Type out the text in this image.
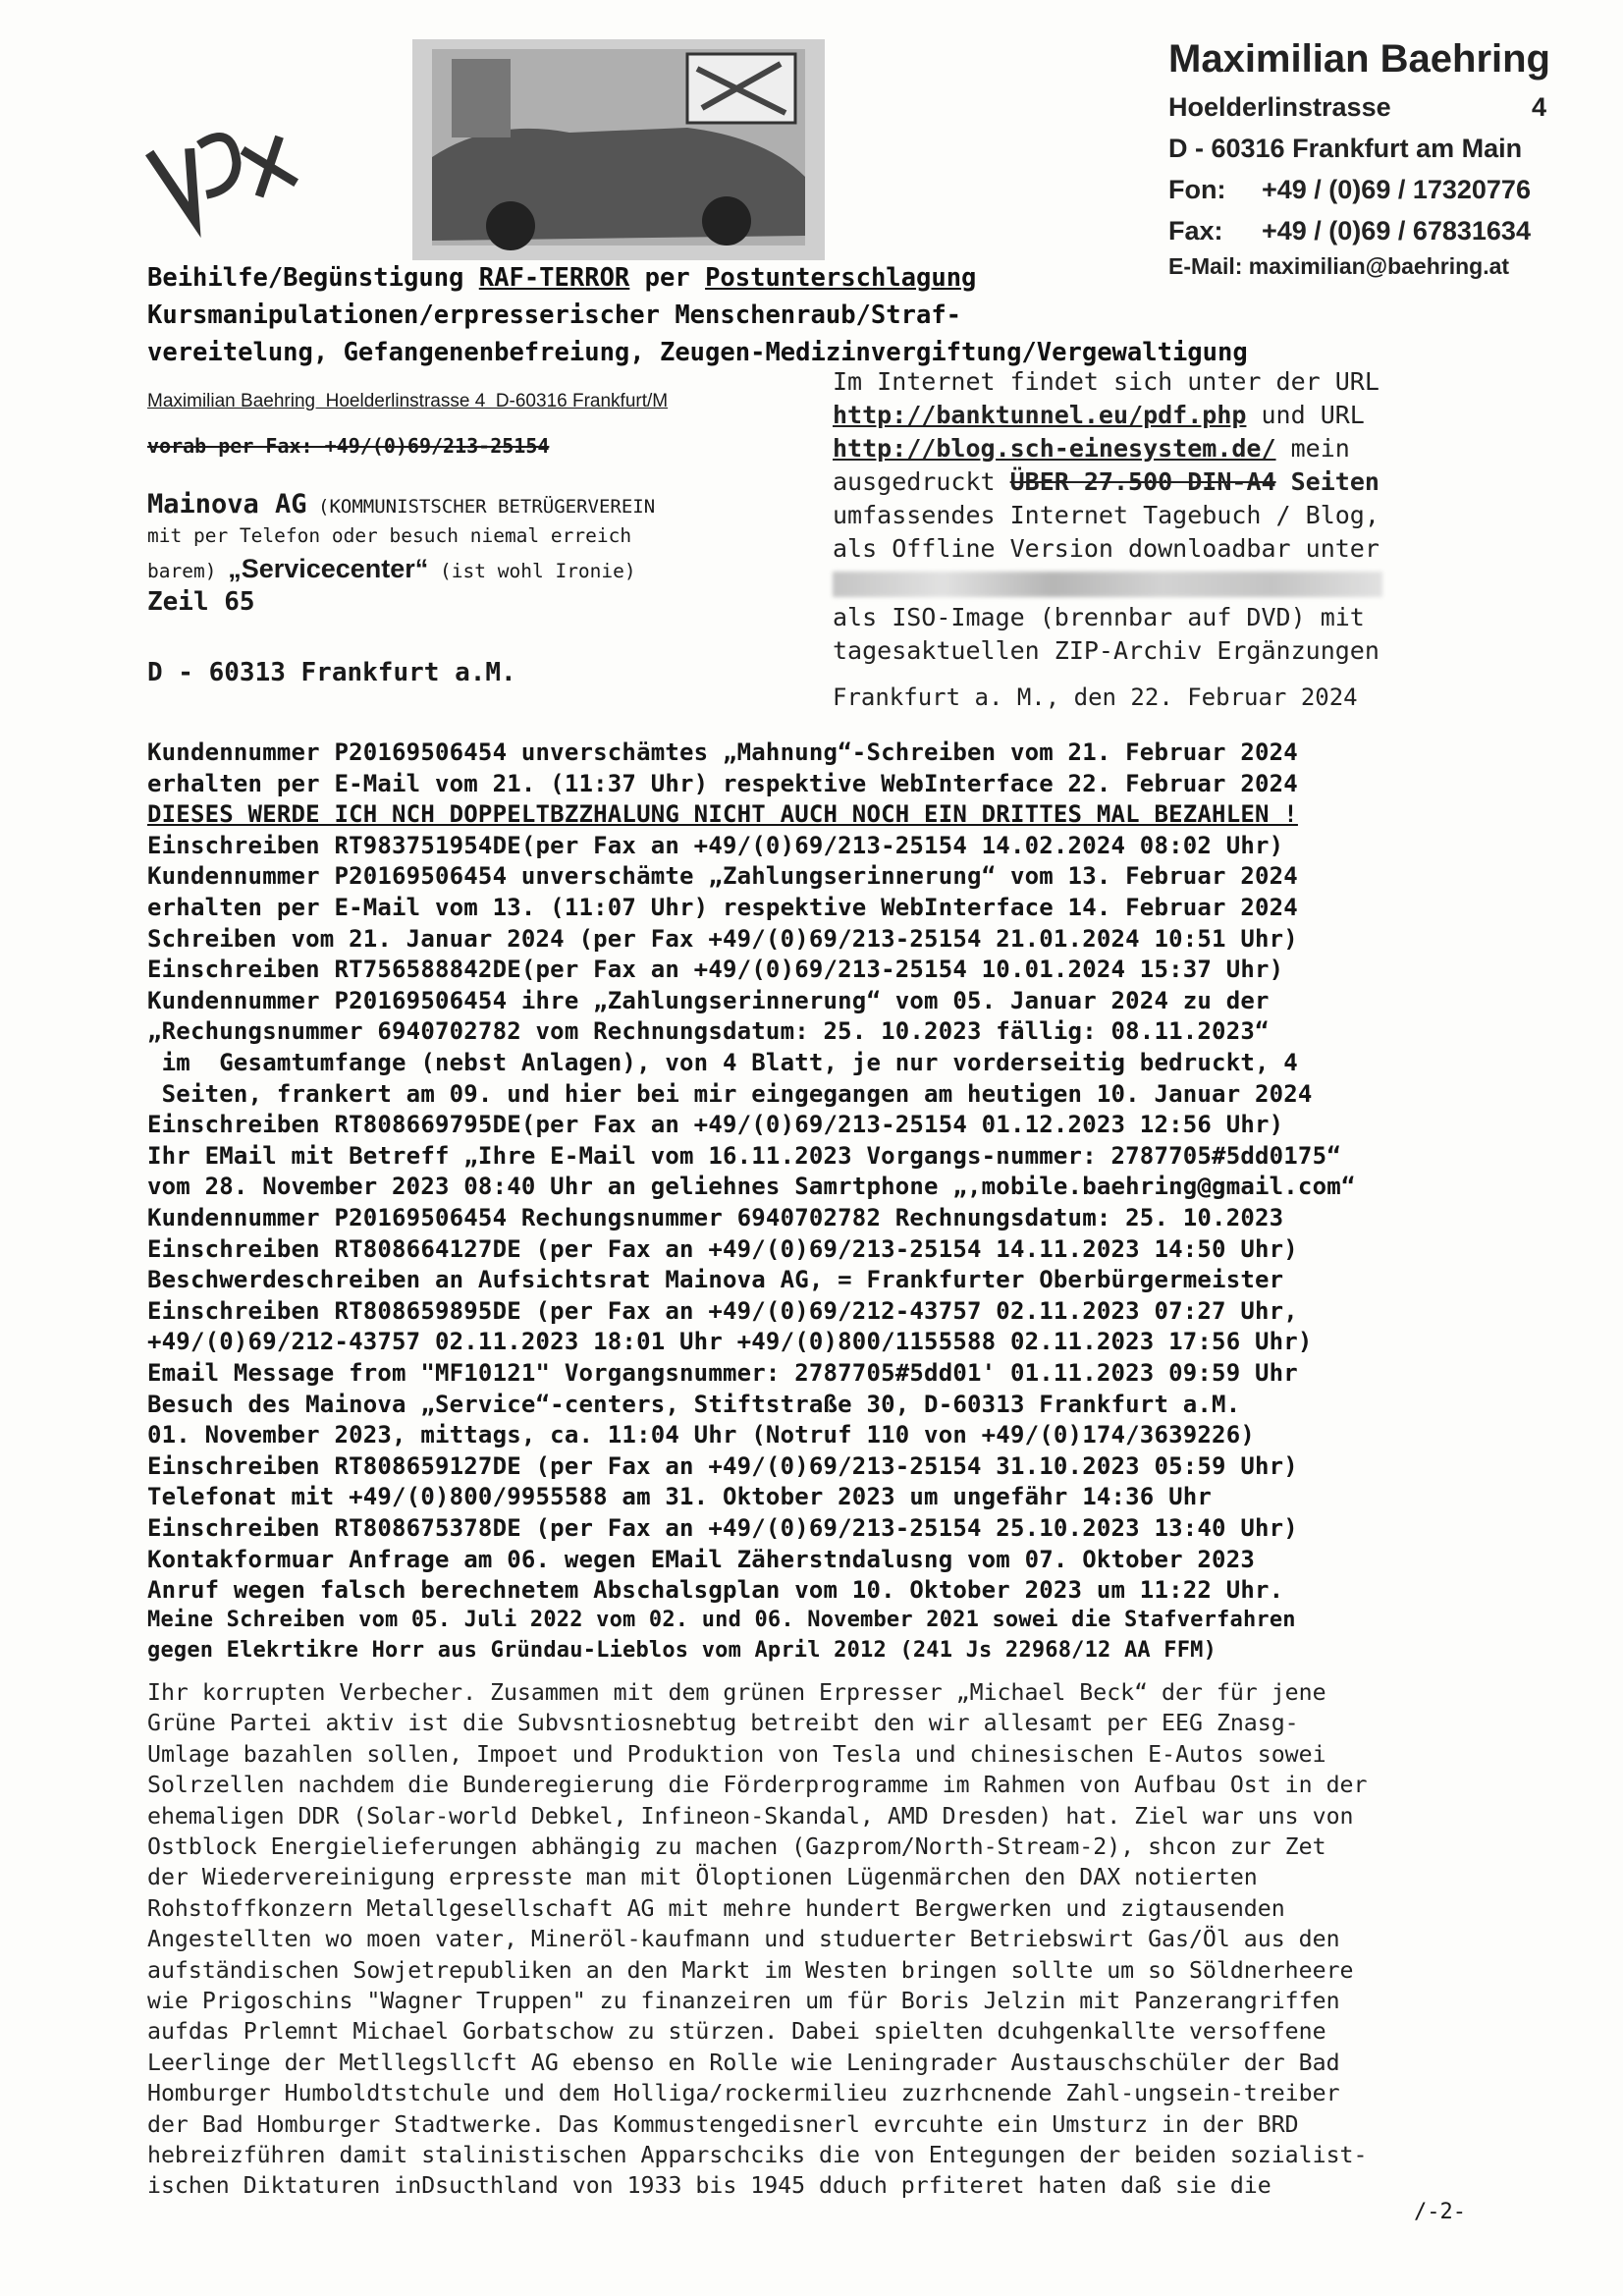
Maximilian Baehring
Hoelderlinstrasse	4
D - 60316 Frankfurt am Main
Fon: +49 / (0)69 / 17320776
Fax: +49 / (0)69 / 67831634
E-Mail: maximilian@baehring.at
Beihilfe/Begünstigung RAF-TERROR per Postunterschlagung
Kursmanipulationen/erpresserischer Menschenraub/Straf-
vereitelung, Gefangenenbefreiung, Zeugen-Medizinvergiftung/Vergewaltigung
Maximilian Baehring  Hoelderlinstrasse 4  D-60316 Frankfurt/M
vorab per Fax: +49/(0)69/213-25154
Mainova AG (KOMMUNISTSCHER BETRÜGERVEREIN
mit per Telefon oder besuch niemal erreich
barem) „Servicecenter“ (ist wohl Ironie)
Zeil 65
D - 60313 Frankfurt a.M.
Im Internet findet sich unter der URL
http://banktunnel.eu/pdf.php und URL
http://blog.sch-einesystem.de/ mein
ausgedruckt ÜBER 27.500 DIN-A4 Seiten
umfassendes Internet Tagebuch / Blog,
als Offline Version downloadbar unter
als ISO-Image (brennbar auf DVD) mit
tagesaktuellen ZIP-Archiv Ergänzungen
Frankfurt a. M., den 22. Februar 2024
Kundennummer P20169506454 unverschämtes „Mahnung“-Schreiben vom 21. Februar 2024
erhalten per E-Mail vom 21. (11:37 Uhr) respektive WebInterface 22. Februar 2024
DIESES WERDE ICH NCH DOPPELTBZZHALUNG NICHT AUCH NOCH EIN DRITTES MAL BEZAHLEN !
Einschreiben RT983751954DE(per Fax an +49/(0)69/213-25154 14.02.2024 08:02 Uhr)
Kundennummer P20169506454 unverschämte „Zahlungserinnerung“ vom 13. Februar 2024
erhalten per E-Mail vom 13. (11:07 Uhr) respektive WebInterface 14. Februar 2024
Schreiben vom 21. Januar 2024 (per Fax +49/(0)69/213-25154 21.01.2024 10:51 Uhr)
Einschreiben RT756588842DE(per Fax an +49/(0)69/213-25154 10.01.2024 15:37 Uhr)
Kundennummer P20169506454 ihre „Zahlungserinnerung“ vom 05. Januar 2024 zu der
„Rechungsnummer 6940702782 vom Rechnungsdatum: 25. 10.2023 fällig: 08.11.2023“
im  Gesamtumfange (nebst Anlagen), von 4 Blatt, je nur vorderseitig bedruckt, 4
Seiten, frankert am 09. und hier bei mir eingegangen am heutigen 10. Januar 2024
Einschreiben RT808669795DE(per Fax an +49/(0)69/213-25154 01.12.2023 12:56 Uhr)
Ihr EMail mit Betreff „Ihre E-Mail vom 16.11.2023 Vorgangs-nummer: 2787705#5dd0175“
vom 28. November 2023 08:40 Uhr an geliehnes Samrtphone „,mobile.baehring@gmail.com“
Kundennummer P20169506454 Rechungsnummer 6940702782 Rechnungsdatum: 25. 10.2023
Einschreiben RT808664127DE (per Fax an +49/(0)69/213-25154 14.11.2023 14:50 Uhr)
Beschwerdeschreiben an Aufsichtsrat Mainova AG, = Frankfurter Oberbürgermeister
Einschreiben RT808659895DE (per Fax an +49/(0)69/212-43757 02.11.2023 07:27 Uhr,
+49/(0)69/212-43757 02.11.2023 18:01 Uhr +49/(0)800/1155588 02.11.2023 17:56 Uhr)
Email Message from "MF10121" Vorgangsnummer: 2787705#5dd01' 01.11.2023 09:59 Uhr
Besuch des Mainova „Service“-centers, Stiftstraße 30, D-60313 Frankfurt a.M.
01. November 2023, mittags, ca. 11:04 Uhr (Notruf 110 von +49/(0)174/3639226)
Einschreiben RT808659127DE (per Fax an +49/(0)69/213-25154 31.10.2023 05:59 Uhr)
Telefonat mit +49/(0)800/9955588 am 31. Oktober 2023 um ungefähr 14:36 Uhr
Einschreiben RT808675378DE (per Fax an +49/(0)69/213-25154 25.10.2023 13:40 Uhr)
Kontakformuar Anfrage am 06. wegen EMail Zäherstndalusng vom 07. Oktober 2023
Anruf wegen falsch berechnetem Abschalsgplan vom 10. Oktober 2023 um 11:22 Uhr.
Meine Schreiben vom 05. Juli 2022 vom 02. und 06. November 2021 sowei die Stafverfahren
gegen Elekrtikre Horr aus Gründau-Lieblos vom April 2012 (241 Js 22968/12 AA FFM)
Ihr korrupten Verbecher. Zusammen mit dem grünen Erpresser „Michael Beck“ der für jene
Grüne Partei aktiv ist die Subvsntiosnebtug betreibt den wir allesamt per EEG Znasg-
Umlage bazahlen sollen, Impoet und Produktion von Tesla und chinesischen E-Autos sowei
Solrzellen nachdem die Bunderegierung die Förderprogramme im Rahmen von Aufbau Ost in der
ehemaligen DDR (Solar-world Debkel, Infineon-Skandal, AMD Dresden) hat. Ziel war uns von
Ostblock Energielieferungen abhängig zu machen (Gazprom/North-Stream-2), shcon zur Zet
der Wiedervereinigung erpresste man mit Öloptionen Lügenmärchen den DAX notierten
Rohstoffkonzern Metallgesellschaft AG mit mehre hundert Bergwerken und zigtausenden
Angestellten wo moen vater, Mineröl-kaufmann und studuerter Betriebswirt Gas/Öl aus den
aufständischen Sowjetrepubliken an den Markt im Westen bringen sollte um so Söldnerheere
wie Prigoschins "Wagner Truppen" zu finanzeiren um für Boris Jelzin mit Panzerangriffen
aufdas Prlemnt Michael Gorbatschow zu stürzen. Dabei spielten dcuhgenkallte versoffene
Leerlinge der Metllegsllcft AG ebenso en Rolle wie Leningrader Austauschschüler der Bad
Homburger Humboldtstchule und dem Holliga/rockermilieu zuzrhcnende Zahl-ungsein-treiber
der Bad Homburger Stadtwerke. Das Kommustengedisnerl evrcuhte ein Umsturz in der BRD
hebreizführen damit stalinistischen Apparschciks die von Entegungen der beiden sozialist-
ischen Diktaturen inDsucthland von 1933 bis 1945 dduch prfiteret haten daß sie die
/-2-
